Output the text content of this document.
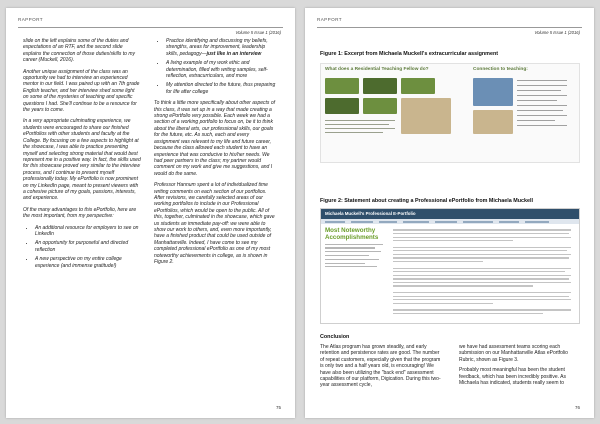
RAPPORT
Volume 5 Issue 1 (2016)

slide on the left explains some of the duties and expectations of an RTF, and the second slide explains the connection of those duties/skills to my career (Muckell, 2016).

Another unique assignment of the class was an opportunity we had to interview an experienced mentor in our field. I was paired up with an 7th grade English teacher, and her interview shed some light on some of the mysteries of teaching and specific questions I had. She'll continue to be a resource for the years to come.

In a very appropriate culminating experience, we students were encouraged to share our finished ePortfolios with other students and faculty at the College. By focusing on a few aspects to highlight at the showcase, I was able to practice presenting myself and selecting strong material that would best represent me in a positive way. In fact, the skills used for this showcase proved very similar to the interview process, and I continue to present myself professionally today. My ePortfolio is now prominent on my LinkedIn page, meant to present viewers with a cohesive picture of my goals, passions, interests, and experience.

Of the many advantages to this ePortfolio, here are the most important, from my perspective:

• An additional resource for employers to see on LinkedIn
• An opportunity for purposeful and directed reflection
• A new perspective on my entire college experience (and immense gratitude!)
• Practice identifying and discussing my beliefs, strengths, areas for improvement, leadership skills, pedagogy—just like in an interview
• A living example of my work ethic and determination, filled with writing samples, self-reflection, extracurriculars, and more
• My attention directed to the future, thus preparing for life after college

To think a little more specifically about other aspects of this class, it was set up in a way that made creating a strong ePortfolio very possible. Each week we had a section of a working portfolio to focus on, be it to think about the liberal arts, our professional skills, our goals for the future, etc. As such, each and every assignment was relevant to my life and future career, because the class allowed each student to have an experience that was conducive to his/her needs. We had peer partners in the class; my partner would comment on my work and give me suggestions, and I would do the same.

Professor Hannum spent a lot of individualized time writing comments on each section of our portfolios. After revisions, we carefully selected areas of our working portfolios to include in our Professional ePortfolios, which would be open to the public. All of this, together, culminated in the showcase, which gave us students an immediate pay-off: we were able to show our work to others, and, even more importantly, have a finished product that could be used outside of Manhattanville. Indeed, I have come to see my completed professional ePortfolio as one of my most noteworthy achievements in college, as is shown in Figure 2.

75
RAPPORT
Volume 5 Issue 1 (2016)
Figure 1: Excerpt from Michaela Muckell's extracurricular assignment
What does a Residential Teaching Fellow do?	Connection to teaching:
Figure 2: Statement about creating a Professional ePortfolio from Michaela Muckell
Michaela Muckell's Professional E-Portfolio
Most Noteworthy Accomplishments
Conclusion

The Atlas program has grown steadily, and early retention and persistence rates are good. The number of repeat customers, especially given that the program is only two and a half years old, is encouraging! We have also been utilizing the "back end" assessment capabilities of our platform, Digication. During this two-year assessment cycle,

we have had assessment teams scoring each submission on our Manhattanville Atlas ePortfolio Rubric, shown as Figure 3.

Probably most meaningful has been the student feedback, which has been incredibly positive. As Michaela has indicated, students really seem to

76
